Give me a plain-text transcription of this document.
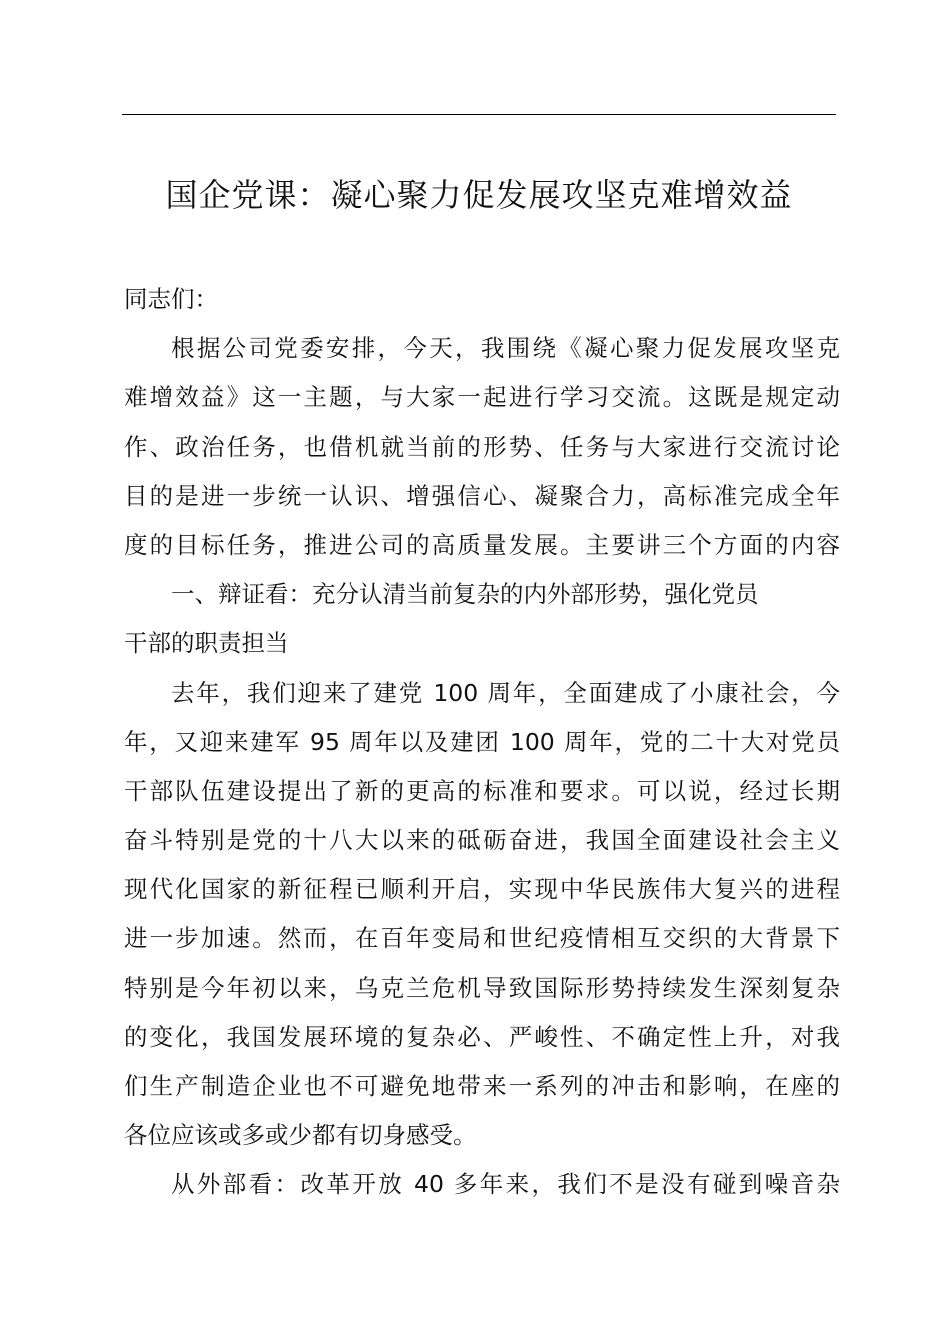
国企党课：凝心聚力促发展攻坚克难增效益
同志们：
根据公司党委安排，今天，我围绕《凝心聚力促发展攻坚克
难增效益》这一主题，与大家一起进行学习交流。这既是规定动
作、政治任务，也借机就当前的形势、任务与大家进行交流讨论
目的是进一步统一认识、增强信心、凝聚合力，高标准完成全年
度的目标任务，推进公司的高质量发展。主要讲三个方面的内容
一、辩证看：充分认清当前复杂的内外部形势，强化党员
干部的职责担当
去年，我们迎来了建党 100 周年，全面建成了小康社会，今
年，又迎来建军 95 周年以及建团 100 周年，党的二十大对党员
干部队伍建设提出了新的更高的标准和要求。可以说，经过长期
奋斗特别是党的十八大以来的砥砺奋进，我国全面建设社会主义
现代化国家的新征程已顺利开启，实现中华民族伟大复兴的进程
进一步加速。然而，在百年变局和世纪疫情相互交织的大背景下
特别是今年初以来，乌克兰危机导致国际形势持续发生深刻复杂
的变化，我国发展环境的复杂必、严峻性、不确定性上升，对我
们生产制造企业也不可避免地带来一系列的冲击和影响，在座的
各位应该或多或少都有切身感受。
从外部看：改革开放 40 多年来，我们不是没有碰到噪音杂
